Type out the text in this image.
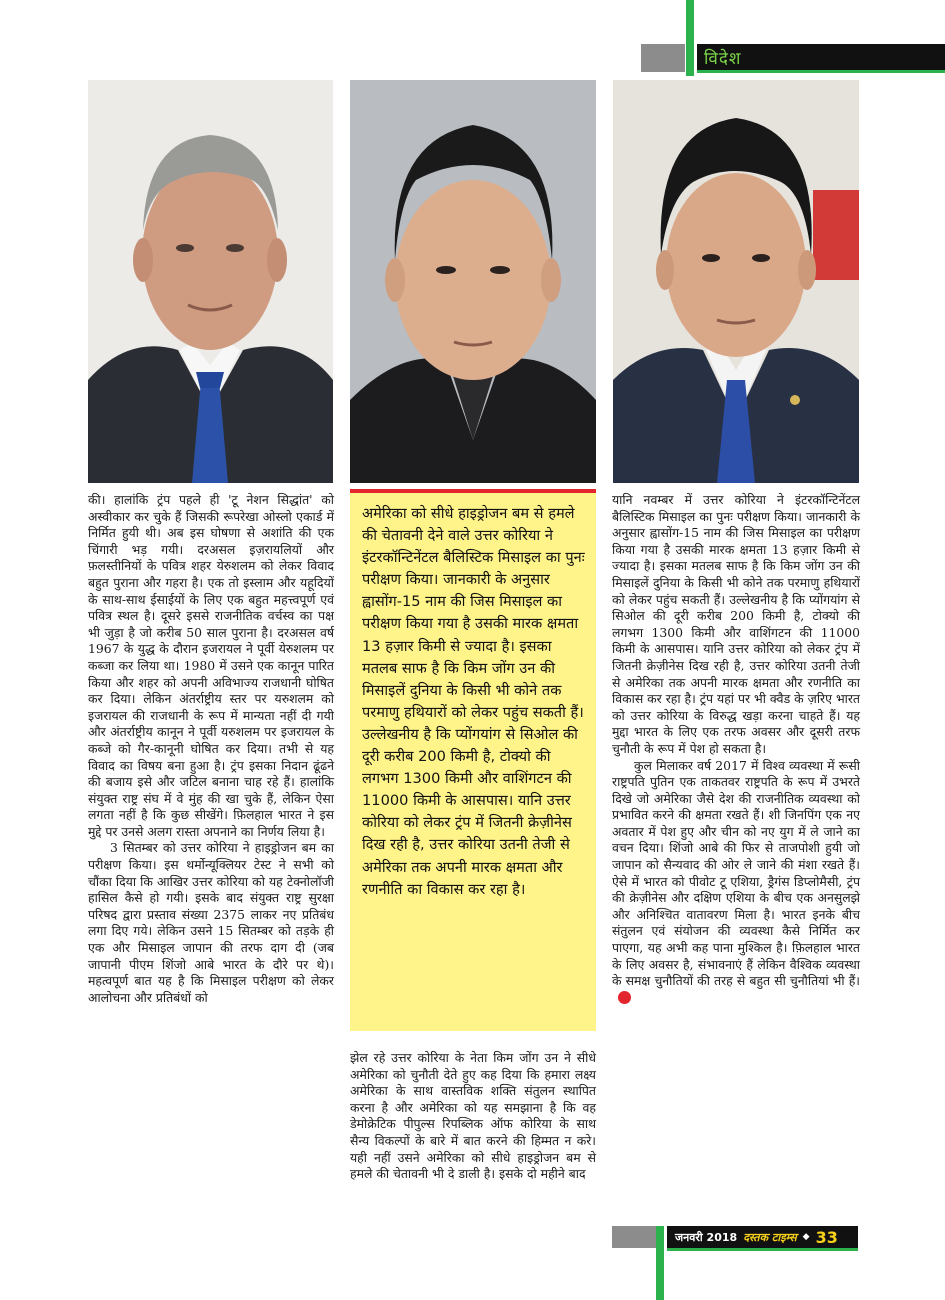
विदेश

की। हालांकि ट्रंप पहले ही 'टू नेशन सिद्धांत' को अस्वीकार कर चुके हैं जिसकी रूपरेखा ओस्लो एकार्ड में निर्मित हुयी थी। अब इस घोषणा से अशांति की एक चिंगारी भड़ गयी। दरअसल इज़रायलियों और फ़लस्तीनियों के पवित्र शहर येरुशलम को लेकर विवाद बहुत पुराना और गहरा है। एक तो इस्लाम और यहूदियों के साथ-साथ ईसाईयों के लिए एक बहुत महत्त्वपूर्ण एवं पवित्र स्थल है। दूसरे इससे राजनीतिक वर्चस्व का पक्ष भी जुड़ा है जो करीब 50 साल पुराना है। दरअसल वर्ष 1967 के युद्ध के दौरान इजरायल ने पूर्वी येरुशलम पर कब्जा कर लिया था। 1980 में उसने एक कानून पारित किया और शहर को अपनी अविभाज्य राजधानी घोषित कर दिया। लेकिन अंतर्राष्ट्रीय स्तर पर यरुशलम को इजरायल की राजधानी के रूप में मान्यता नहीं दी गयी और अंतर्राष्ट्रीय कानून ने पूर्वी यरुशलम पर इजरायल के कब्जे को गैर-कानूनी घोषित कर दिया। तभी से यह विवाद का विषय बना हुआ है। ट्रंप इसका निदान ढूंढने की बजाय इसे और जटिल बनाना चाह रहे हैं। हालांकि संयुक्त राष्ट्र संघ में वे मुंह की खा चुके हैं, लेकिन ऐसा लगता नहीं है कि कुछ सीखेंगे। फ़िलहाल भारत ने इस मुद्दे पर उनसे अलग रास्ता अपनाने का निर्णय लिया है।

3 सितम्बर को उत्तर कोरिया ने हाइड्रोजन बम का परीक्षण किया। इस थर्मोन्यूक्लियर टेस्ट ने सभी को चौंका दिया कि आखिर उत्तर कोरिया को यह टेक्नोलॉजी हासिल कैसे हो गयी। इसके बाद संयुक्त राष्ट्र सुरक्षा परिषद द्वारा प्रस्ताव संख्या 2375 लाकर नए प्रतिबंध लगा दिए गये। लेकिन उसने 15 सितम्बर को तड़के ही एक और मिसाइल जापान की तरफ दाग दी (जब जापानी पीएम शिंजो आबे भारत के दौरे पर थे)। महत्वपूर्ण बात यह है कि मिसाइल परीक्षण को लेकर आलोचना और प्रतिबंधों को

अमेरिका को सीधे हाइड्रोजन बम से हमले की चेतावनी देने वाले उत्तर कोरिया ने इंटरकॉन्टिनेंटल बैलिस्टिक मिसाइल का पुनः परीक्षण किया। जानकारी के अनुसार ह्वासोंग-15 नाम की जिस मिसाइल का परीक्षण किया गया है उसकी मारक क्षमता 13 हज़ार किमी से ज्यादा है। इसका मतलब साफ है कि किम जोंग उन की मिसाइलें दुनिया के किसी भी कोने तक परमाणु हथियारों को लेकर पहुंच सकती हैं। उल्लेखनीय है कि प्योंगयांग से सिओल की दूरी करीब 200 किमी है, टोक्यो की लगभग 1300 किमी और वाशिंगटन की 11000 किमी के आसपास। यानि उत्तर कोरिया को लेकर ट्रंप में जितनी क्रेज़ीनेस दिख रही है, उत्तर कोरिया उतनी तेजी से अमेरिका तक अपनी मारक क्षमता और रणनीति का विकास कर रहा है।

झेल रहे उत्तर कोरिया के नेता किम जोंग उन ने सीधे अमेरिका को चुनौती देते हुए कह दिया कि हमारा लक्ष्य अमेरिका के साथ वास्तविक शक्ति संतुलन स्थापित करना है और अमेरिका को यह समझाना है कि वह डेमोक्रेटिक पीपुल्स रिपब्लिक ऑफ कोरिया के साथ सैन्य विकल्पों के बारे में बात करने की हिम्मत न करे। यही नहीं उसने अमेरिका को सीधे हाइड्रोजन बम से हमले की चेतावनी भी दे डाली है। इसके दो महीने बाद

यानि नवम्बर में उत्तर कोरिया ने इंटरकॉन्टिनेंटल बैलिस्टिक मिसाइल का पुनः परीक्षण किया। जानकारी के अनुसार ह्वासोंग-15 नाम की जिस मिसाइल का परीक्षण किया गया है उसकी मारक क्षमता 13 हज़ार किमी से ज्यादा है। इसका मतलब साफ है कि किम जोंग उन की मिसाइलें दुनिया के किसी भी कोने तक परमाणु हथियारों को लेकर पहुंच सकती हैं। उल्लेखनीय है कि प्योंगयांग से सिओल की दूरी करीब 200 किमी है, टोक्यो की लगभग 1300 किमी और वाशिंगटन की 11000 किमी के आसपास। यानि उत्तर कोरिया को लेकर ट्रंप में जितनी क्रेज़ीनेस दिख रही है, उत्तर कोरिया उतनी तेजी से अमेरिका तक अपनी मारक क्षमता और रणनीति का विकास कर रहा है। ट्रंप यहां पर भी क्वैड के ज़रिए भारत को उत्तर कोरिया के विरुद्ध खड़ा करना चाहते हैं। यह मुद्दा भारत के लिए एक तरफ अवसर और दूसरी तरफ चुनौती के रूप में पेश हो सकता है।

कुल मिलाकर वर्ष 2017 में विश्व व्यवस्था में रूसी राष्ट्रपति पुतिन एक ताकतवर राष्ट्रपति के रूप में उभरते दिखे जो अमेरिका जैसे देश की राजनीतिक व्यवस्था को प्रभावित करने की क्षमता रखते हैं। शी जिनपिंग एक नए अवतार में पेश हुए और चीन को नए युग में ले जाने का वचन दिया। शिंजो आबे की फिर से ताजपोशी हुयी जो जापान को सैन्यवाद की ओर ले जाने की मंशा रखते हैं। ऐसे में भारत को पीवोट टू एशिया, ड्रैगंस डिप्लोमैसी, ट्रंप की क्रेज़ीनेस और दक्षिण एशिया के बीच एक अनसुलझे और अनिश्चित वातावरण मिला है। भारत इनके बीच संतुलन एवं संयोजन की व्यवस्था कैसे निर्मित कर पाएगा, यह अभी कह पाना मुश्किल है। फ़िलहाल भारत के लिए अवसर है, संभावनाएं हैं लेकिन वैश्विक व्यवस्था के समक्ष चुनौतियों की तरह से बहुत सी चुनौतियां भी हैं।

जनवरी 2018 दस्तक टाइम्स ◆ 33
